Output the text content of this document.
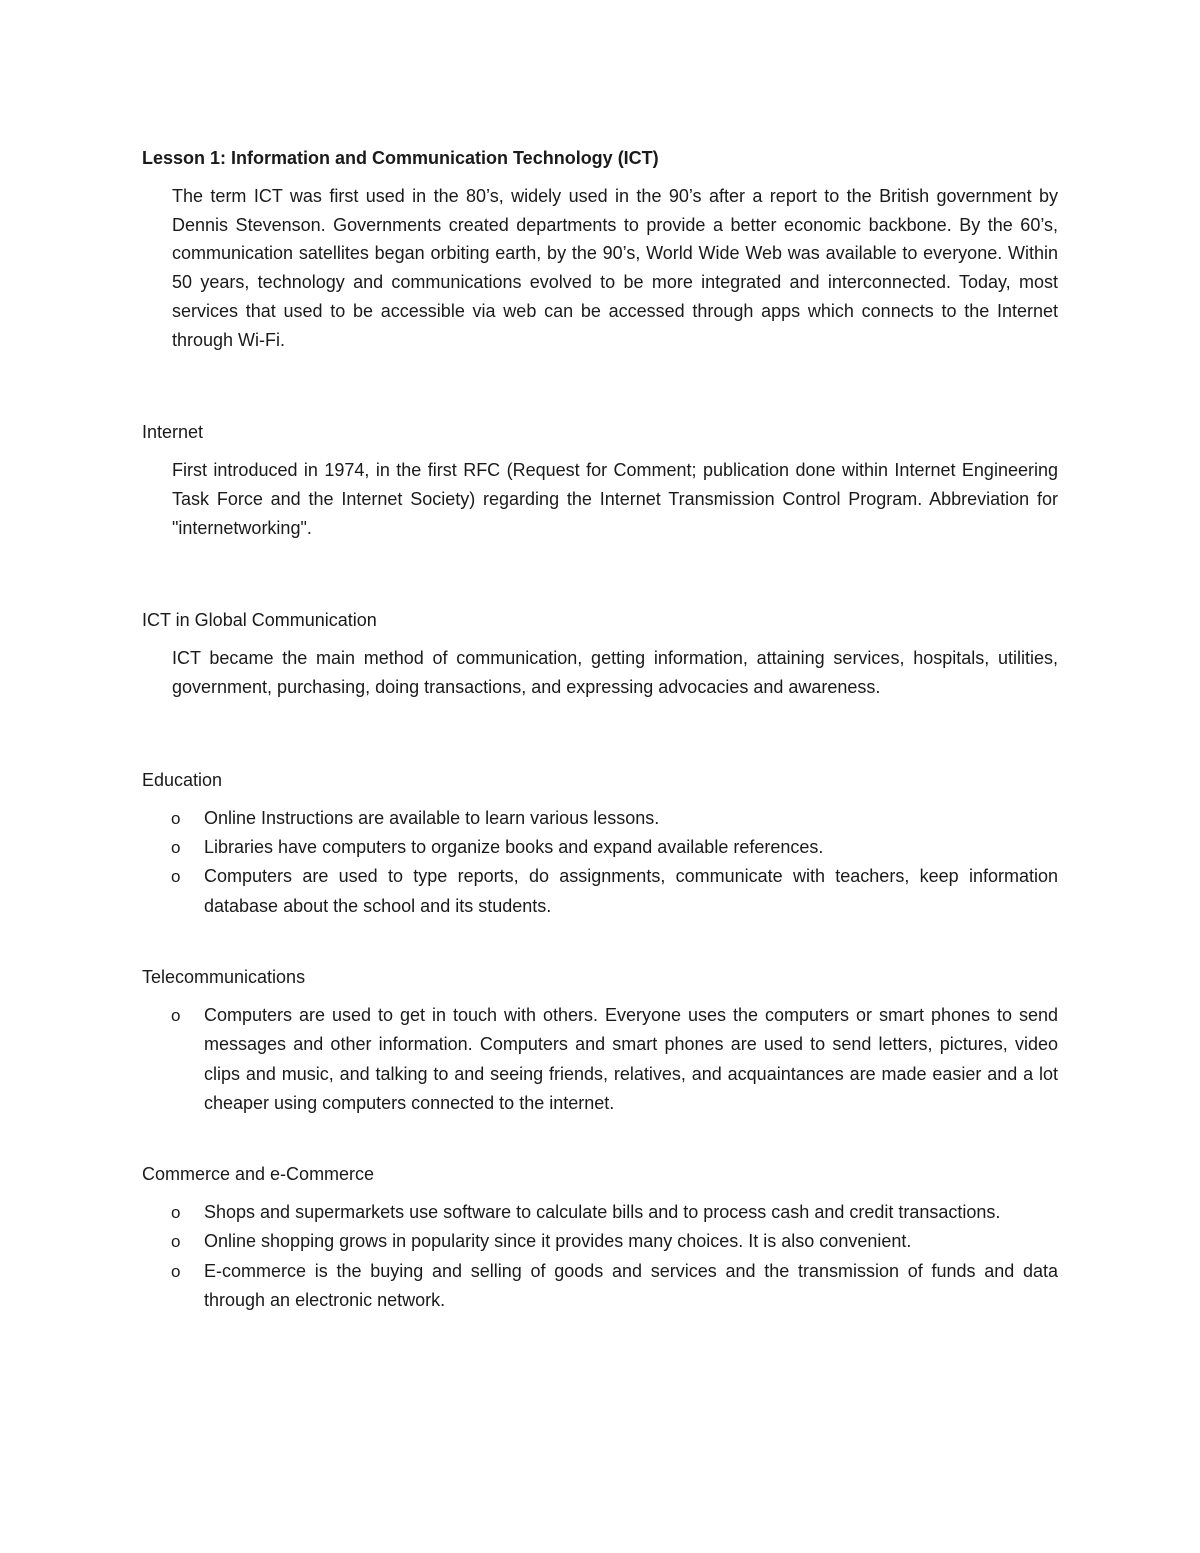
Lesson 1: Information and Communication Technology (ICT)

The term ICT was first used in the 80’s, widely used in the 90’s after a report to the British government by Dennis Stevenson. Governments created departments to provide a better economic backbone. By the 60’s, communication satellites began orbiting earth, by the 90’s, World Wide Web was available to everyone. Within 50 years, technology and communications evolved to be more integrated and interconnected. Today, most services that used to be accessible via web can be accessed through apps which connects to the Internet through Wi-Fi.

Internet

First introduced in 1974, in the first RFC (Request for Comment; publication done within Internet Engineering Task Force and the Internet Society) regarding the Internet Transmission Control Program. Abbreviation for "internetworking".

ICT in Global Communication

ICT became the main method of communication, getting information, attaining services, hospitals, utilities, government, purchasing, doing transactions, and expressing advocacies and awareness.

Education

o Online Instructions are available to learn various lessons.
o Libraries have computers to organize books and expand available references.
o Computers are used to type reports, do assignments, communicate with teachers, keep information database about the school and its students.

Telecommunications

o Computers are used to get in touch with others. Everyone uses the computers or smart phones to send messages and other information. Computers and smart phones are used to send letters, pictures, video clips and music, and talking to and seeing friends, relatives, and acquaintances are made easier and a lot cheaper using computers connected to the internet.

Commerce and e-Commerce

o Shops and supermarkets use software to calculate bills and to process cash and credit transactions.
o Online shopping grows in popularity since it provides many choices. It is also convenient.
o E-commerce is the buying and selling of goods and services and the transmission of funds and data through an electronic network.
